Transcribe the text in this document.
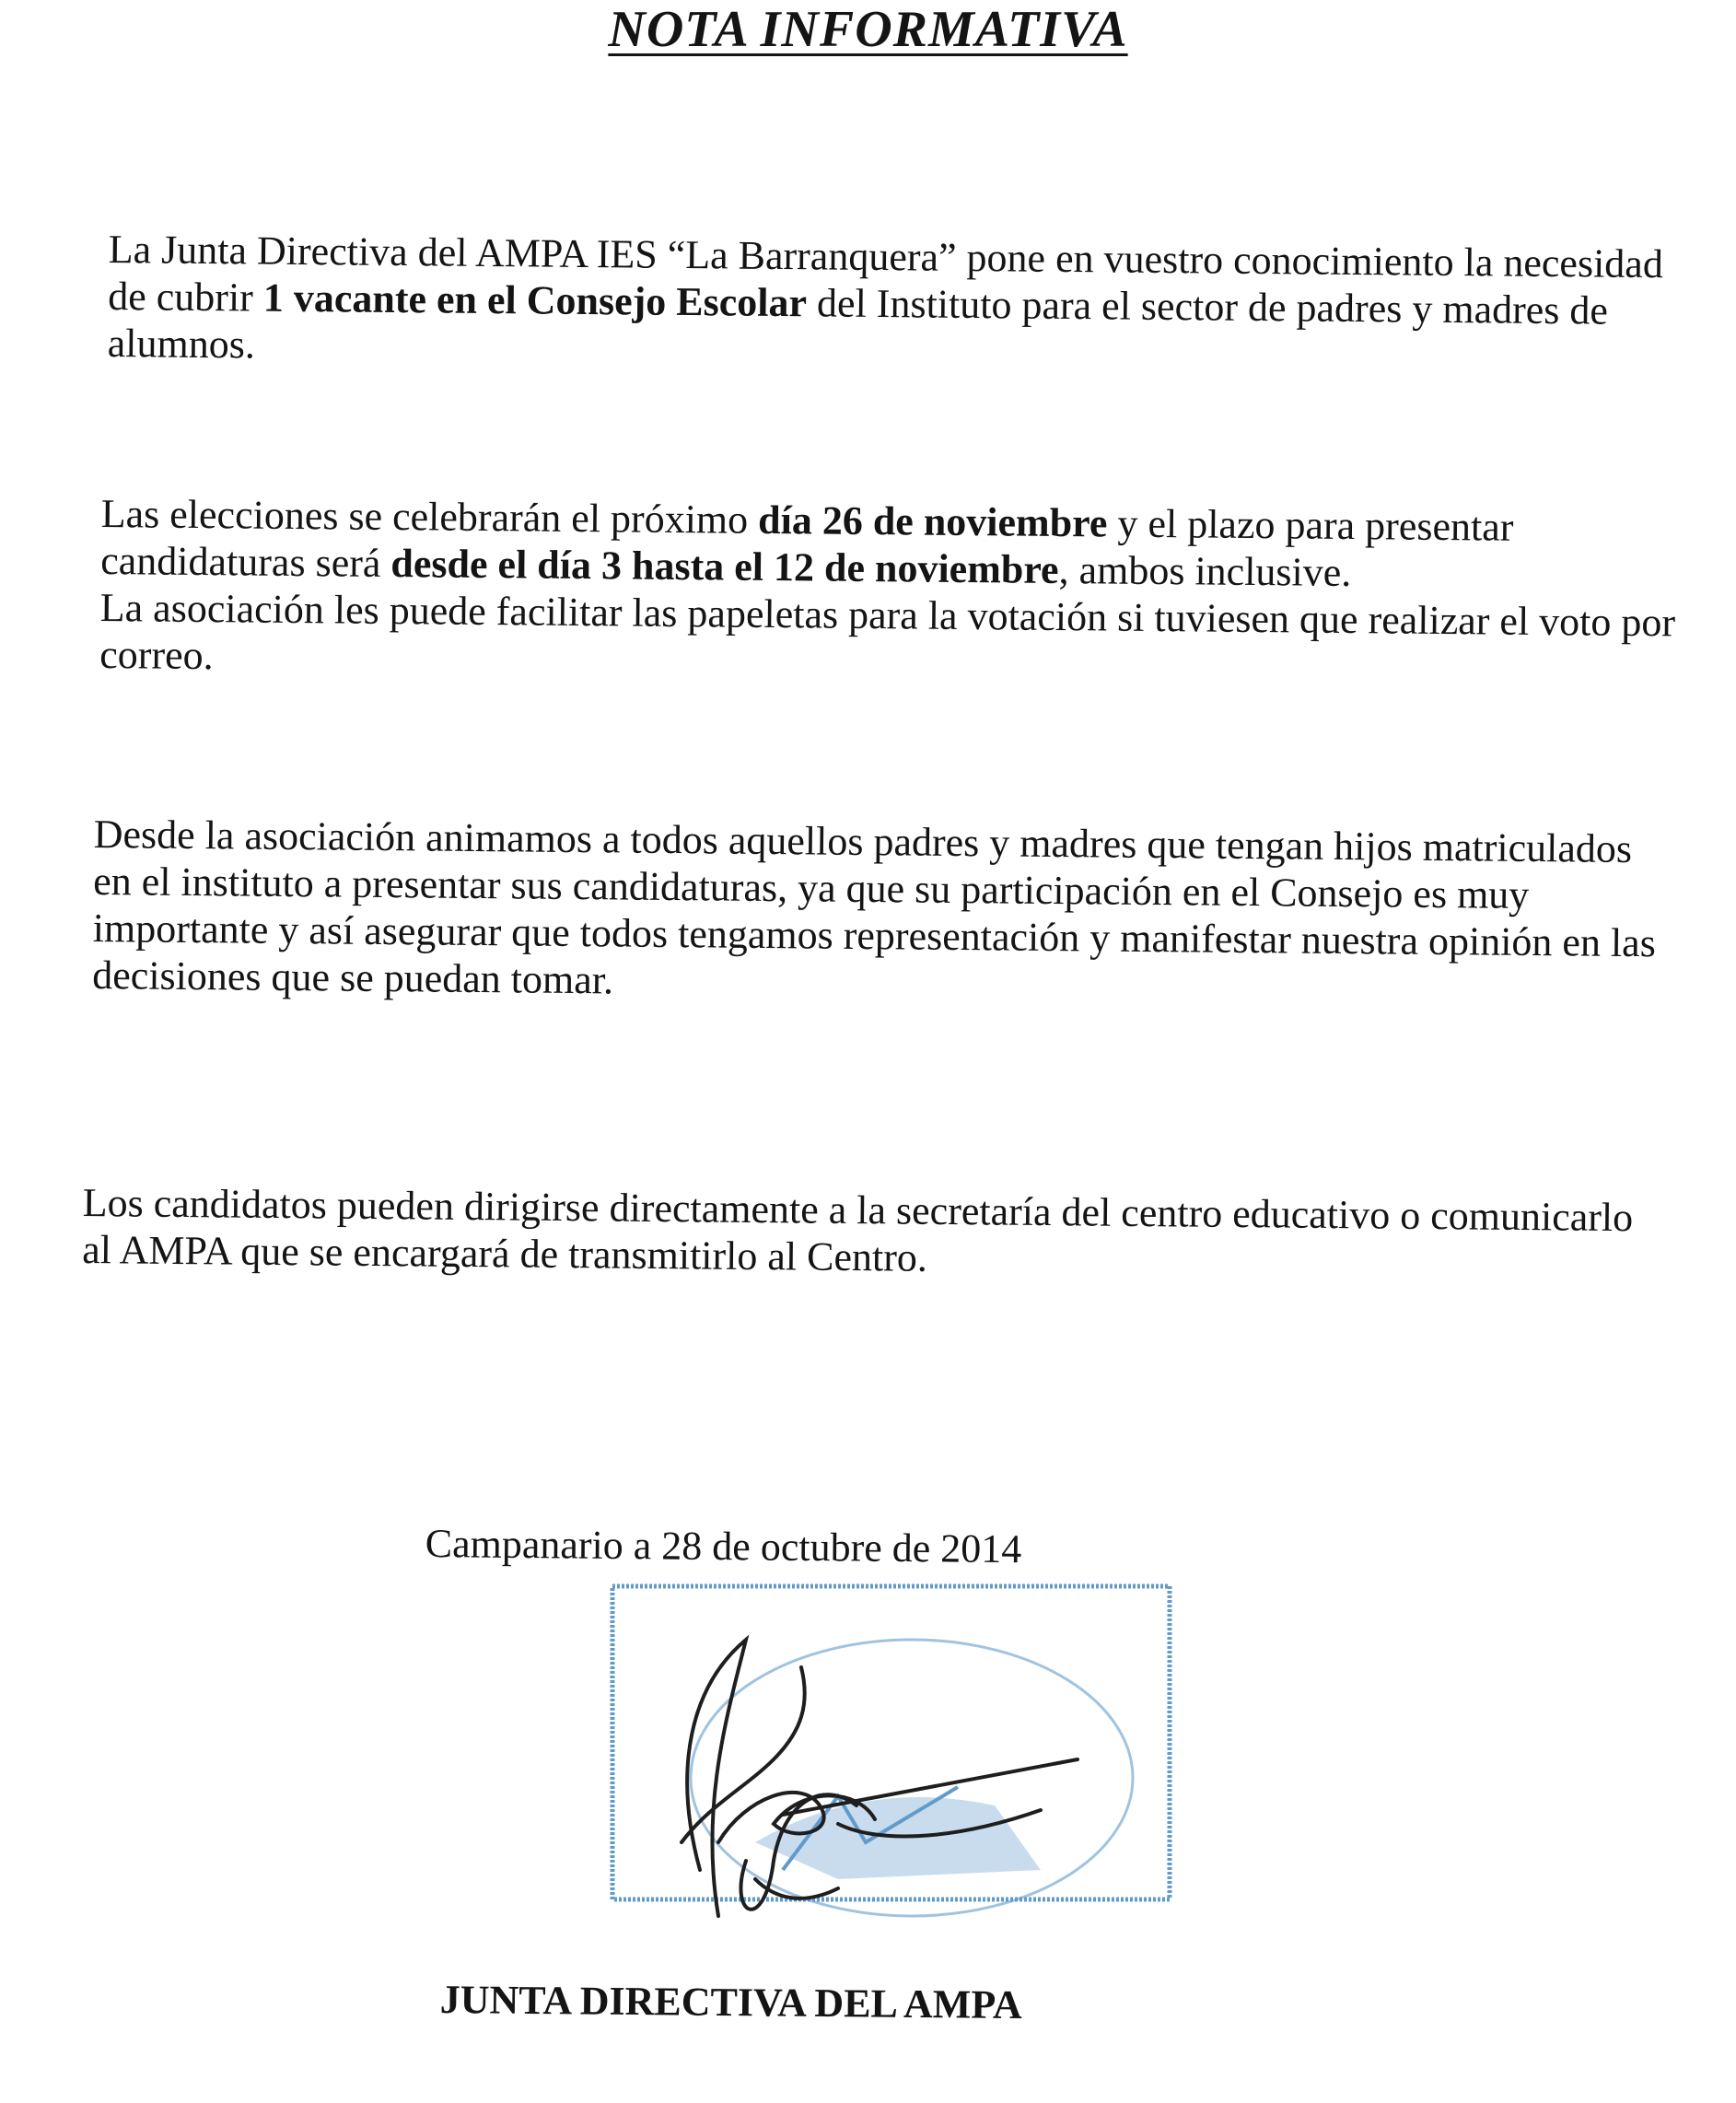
NOTA INFORMATIVA

La Junta Directiva del AMPA IES “La Barranquera” pone en vuestro conocimiento la necesidad de cubrir 1 vacante en el Consejo Escolar del Instituto para el sector de padres y madres de alumnos.

Las elecciones se celebrarán el próximo día 26 de noviembre y el plazo para presentar candidaturas será desde el día 3 hasta el 12 de noviembre, ambos inclusive.
La asociación les puede facilitar las papeletas para la votación si tuviesen que realizar el voto por correo.

Desde la asociación animamos a todos aquellos padres y madres que tengan hijos matriculados en el instituto a presentar sus candidaturas, ya que su participación en el Consejo es muy importante y así asegurar que todos tengamos representación y manifestar nuestra opinión en las decisiones que se puedan tomar.

Los candidatos pueden dirigirse directamente a la secretaría del centro educativo o comunicarlo al AMPA que se encargará de transmitirlo al Centro.

Campanario a 28 de octubre de 2014
JUNTA DIRECTIVA DEL AMPA
